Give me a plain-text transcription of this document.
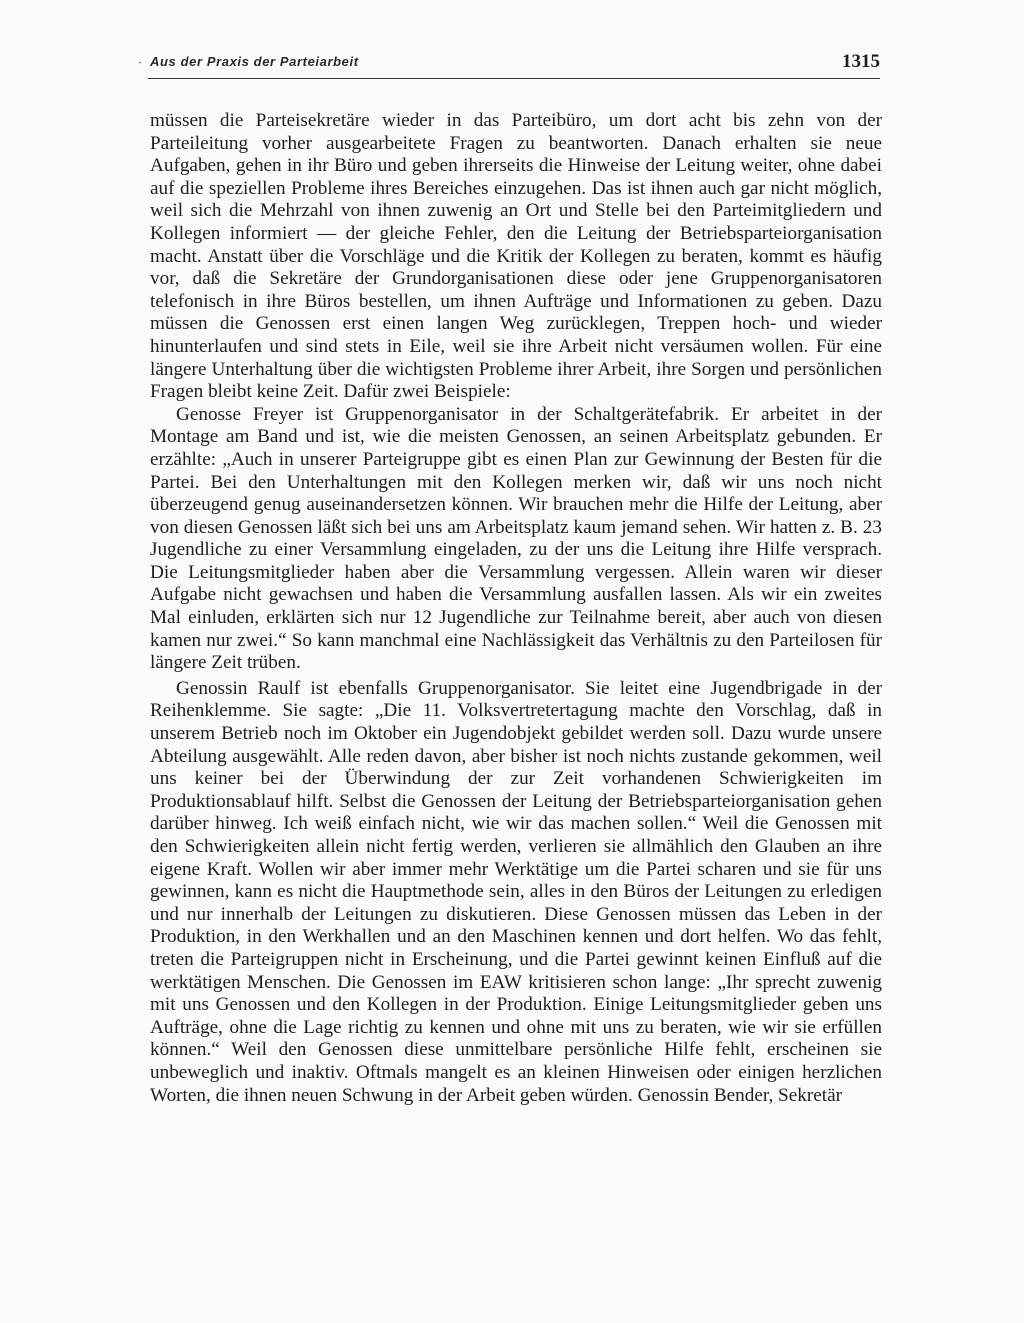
· Aus der Praxis der Parteiarbeit	1315

müssen die Parteisekretäre wieder in das Parteibüro, um dort acht bis zehn von der Parteileitung vorher ausgearbeitete Fragen zu beantworten. Danach erhalten sie neue Aufgaben, gehen in ihr Büro und geben ihrerseits die Hinweise der Leitung weiter, ohne dabei auf die speziellen Probleme ihres Bereiches einzugehen. Das ist ihnen auch gar nicht möglich, weil sich die Mehrzahl von ihnen zuwenig an Ort und Stelle bei den Parteimitgliedern und Kollegen informiert — der gleiche Fehler, den die Leitung der Betriebsparteiorganisation macht. Anstatt über die Vorschläge und die Kritik der Kollegen zu beraten, kommt es häufig vor, daß die Sekretäre der Grundorganisationen diese oder jene Gruppenorganisatoren telefonisch in ihre Büros bestellen, um ihnen Aufträge und Informationen zu geben. Dazu müssen die Genossen erst einen langen Weg zurücklegen, Treppen hoch- und wieder hinunterlaufen und sind stets in Eile, weil sie ihre Arbeit nicht versäumen wollen. Für eine längere Unterhaltung über die wichtigsten Probleme ihrer Arbeit, ihre Sorgen und persönlichen Fragen bleibt keine Zeit. Dafür zwei Beispiele:

Genosse Freyer ist Gruppenorganisator in der Schaltgerätefabrik. Er arbeitet in der Montage am Band und ist, wie die meisten Genossen, an seinen Arbeitsplatz gebunden. Er erzählte: „Auch in unserer Parteigruppe gibt es einen Plan zur Gewinnung der Besten für die Partei. Bei den Unterhaltungen mit den Kollegen merken wir, daß wir uns noch nicht überzeugend genug auseinandersetzen können. Wir brauchen mehr die Hilfe der Leitung, aber von diesen Genossen läßt sich bei uns am Arbeitsplatz kaum jemand sehen. Wir hatten z. B. 23 Jugendliche zu einer Versammlung eingeladen, zu der uns die Leitung ihre Hilfe versprach. Die Leitungsmitglieder haben aber die Versammlung vergessen. Allein waren wir dieser Aufgabe nicht gewachsen und haben die Versammlung ausfallen lassen. Als wir ein zweites Mal einluden, erklärten sich nur 12 Jugendliche zur Teilnahme bereit, aber auch von diesen kamen nur zwei.“ So kann manchmal eine Nachlässigkeit das Verhältnis zu den Parteilosen für längere Zeit trüben.

Genossin Raulf ist ebenfalls Gruppenorganisator. Sie leitet eine Jugendbrigade in der Reihenklemme. Sie sagte: „Die 11. Volksvertretertagung machte den Vorschlag, daß in unserem Betrieb noch im Oktober ein Jugendobjekt gebildet werden soll. Dazu wurde unsere Abteilung ausgewählt. Alle reden davon, aber bisher ist noch nichts zustande gekommen, weil uns keiner bei der Überwindung der zur Zeit vorhandenen Schwierigkeiten im Produktionsablauf hilft. Selbst die Genossen der Leitung der Betriebsparteiorganisation gehen darüber hinweg. Ich weiß einfach nicht, wie wir das machen sollen.“ Weil die Genossen mit den Schwierigkeiten allein nicht fertig werden, verlieren sie allmählich den Glauben an ihre eigene Kraft. Wollen wir aber immer mehr Werktätige um die Partei scharen und sie für uns gewinnen, kann es nicht die Hauptmethode sein, alles in den Büros der Leitungen zu erledigen und nur innerhalb der Leitungen zu diskutieren. Diese Genossen müssen das Leben in der Produktion, in den Werkhallen und an den Maschinen kennen und dort helfen. Wo das fehlt, treten die Parteigruppen nicht in Erscheinung, und die Partei gewinnt keinen Einfluß auf die werktätigen Menschen. Die Genossen im EAW kritisieren schon lange: „Ihr sprecht zuwenig mit uns Genossen und den Kollegen in der Produktion. Einige Leitungsmitglieder geben uns Aufträge, ohne die Lage richtig zu kennen und ohne mit uns zu beraten, wie wir sie erfüllen können.“ Weil den Genossen diese unmittelbare persönliche Hilfe fehlt, erscheinen sie unbeweglich und inaktiv. Oftmals mangelt es an kleinen Hinweisen oder einigen herzlichen Worten, die ihnen neuen Schwung in der Arbeit geben würden. Genossin Bender, Sekretär
